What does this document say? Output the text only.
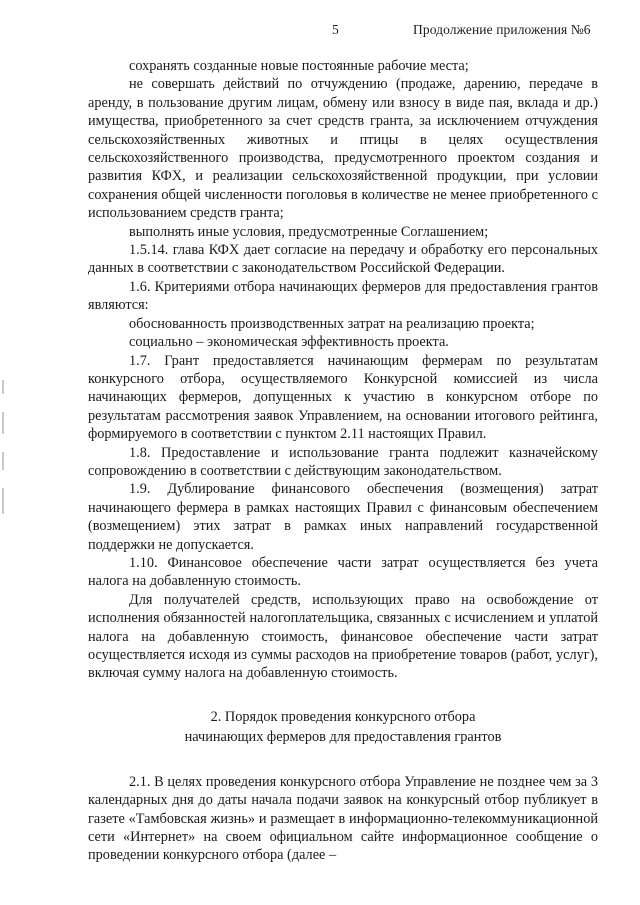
5	Продолжение приложения №6

сохранять созданные новые постоянные рабочие места;

не совершать действий по отчуждению (продаже, дарению, передаче в аренду, в пользование другим лицам, обмену или взносу в виде пая, вклада и др.) имущества, приобретенного за счет средств гранта, за исключением отчуждения сельскохозяйственных животных и птицы в целях осуществления сельскохозяйственного производства, предусмотренного проектом создания и развития КФХ, и реализации сельскохозяйственной продукции, при условии сохранения общей численности поголовья в количестве не менее приобретенного с использованием средств гранта;

выполнять иные условия, предусмотренные Соглашением;

1.5.14. глава КФХ дает согласие на передачу и обработку его персональных данных в соответствии с законодательством Российской Федерации.

1.6. Критериями отбора начинающих фермеров для предоставления грантов являются:

обоснованность производственных затрат на реализацию проекта;

социально – экономическая эффективность проекта.

1.7. Грант предоставляется начинающим фермерам по результатам конкурсного отбора, осуществляемого Конкурсной комиссией из числа начинающих фермеров, допущенных к участию в конкурсном отборе по результатам рассмотрения заявок Управлением, на основании итогового рейтинга, формируемого в соответствии с пунктом 2.11 настоящих Правил.

1.8. Предоставление и использование гранта подлежит казначейскому сопровождению в соответствии с действующим законодательством.

1.9. Дублирование финансового обеспечения (возмещения) затрат начинающего фермера в рамках настоящих Правил с финансовым обеспечением (возмещением) этих затрат в рамках иных направлений государственной поддержки не допускается.

1.10. Финансовое обеспечение части затрат осуществляется без учета налога на добавленную стоимость.

Для получателей средств, использующих право на освобождение от исполнения обязанностей налогоплательщика, связанных с исчислением и уплатой налога на добавленную стоимость, финансовое обеспечение части затрат осуществляется исходя из суммы расходов на приобретение товаров (работ, услуг), включая сумму налога на добавленную стоимость.

2. Порядок проведения конкурсного отбора
начинающих фермеров для предоставления грантов

2.1. В целях проведения конкурсного отбора Управление не позднее чем за 3 календарных дня до даты начала подачи заявок на конкурсный отбор публикует в газете «Тамбовская жизнь» и размещает в информационно-телекоммуникационной сети «Интернет» на своем официальном сайте информационное сообщение о проведении конкурсного отбора (далее –
